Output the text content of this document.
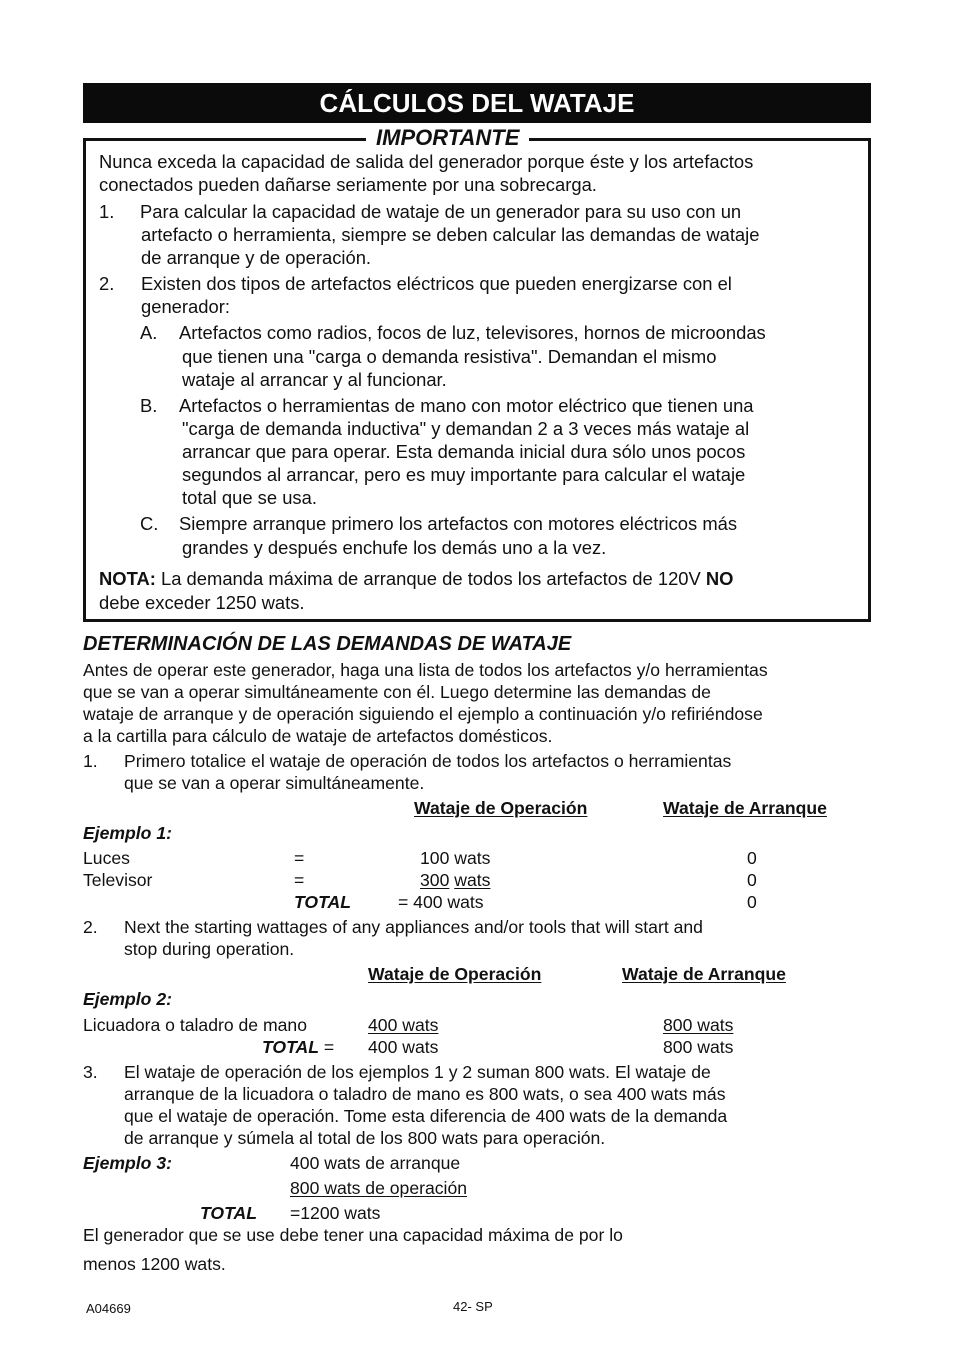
CÁLCULOS DEL WATAJE
IMPORTANTE
Nunca exceda la capacidad de salida del generador porque éste y los artefactos
conectados pueden dañarse seriamente por una sobrecarga.
1. Para calcular la capacidad de wataje de un generador para su uso con un
artefacto o herramienta, siempre se deben calcular las demandas de wataje
de arranque y de operación.
2. Existen dos tipos de artefactos eléctricos que pueden energizarse con el
generador:
A. Artefactos como radios, focos de luz, televisores, hornos de microondas
que tienen una "carga o demanda resistiva". Demandan el mismo
wataje al arrancar y al funcionar.
B. Artefactos o herramientas de mano con motor eléctrico que tienen una
"carga de demanda inductiva" y demandan 2 a 3 veces más wataje al
arrancar que para operar. Esta demanda inicial dura sólo unos pocos
segundos al arrancar, pero es muy importante para calcular el wataje
total que se usa.
C. Siempre arranque primero los artefactos con motores eléctricos más
grandes y después enchufe los demás uno a la vez.
NOTA: La demanda máxima de arranque de todos los artefactos de 120V NO
debe exceder 1250 wats.
DETERMINACIÓN DE LAS DEMANDAS DE WATAJE
Antes de operar este generador, haga una lista de todos los artefactos y/o herramientas
que se van a operar simultáneamente con él. Luego determine las demandas de
wataje de arranque y de operación siguiendo el ejemplo a continuación y/o refiriéndose
a la cartilla para cálculo de wataje de artefactos domésticos.
1. Primero totalice el wataje de operación de todos los artefactos o herramientas
que se van a operar simultáneamente.
Wataje de Operación	Wataje de Arranque
Ejemplo 1:
Luces	=	100 wats	0
Televisor	=	300 wats	0
TOTAL	= 400 wats	0
2. Next the starting wattages of any appliances and/or tools that will start and
stop during operation.
Wataje de Operación	Wataje de Arranque
Ejemplo 2:
Licuadora o taladro de mano	400 wats	800 wats
TOTAL = 400 wats	800 wats
3. El wataje de operación de los ejemplos 1 y 2 suman 800 wats. El wataje de
arranque de la licuadora o taladro de mano es 800 wats, o sea 400 wats más
que el wataje de operación. Tome esta diferencia de 400 wats de la demanda
de arranque y súmela al total de los 800 wats para operación.
Ejemplo 3:	400 wats de arranque
800 wats de operación
TOTAL =1200 wats
El generador que se use debe tener una capacidad máxima de por lo
menos 1200 wats.
A04669	42- SP
